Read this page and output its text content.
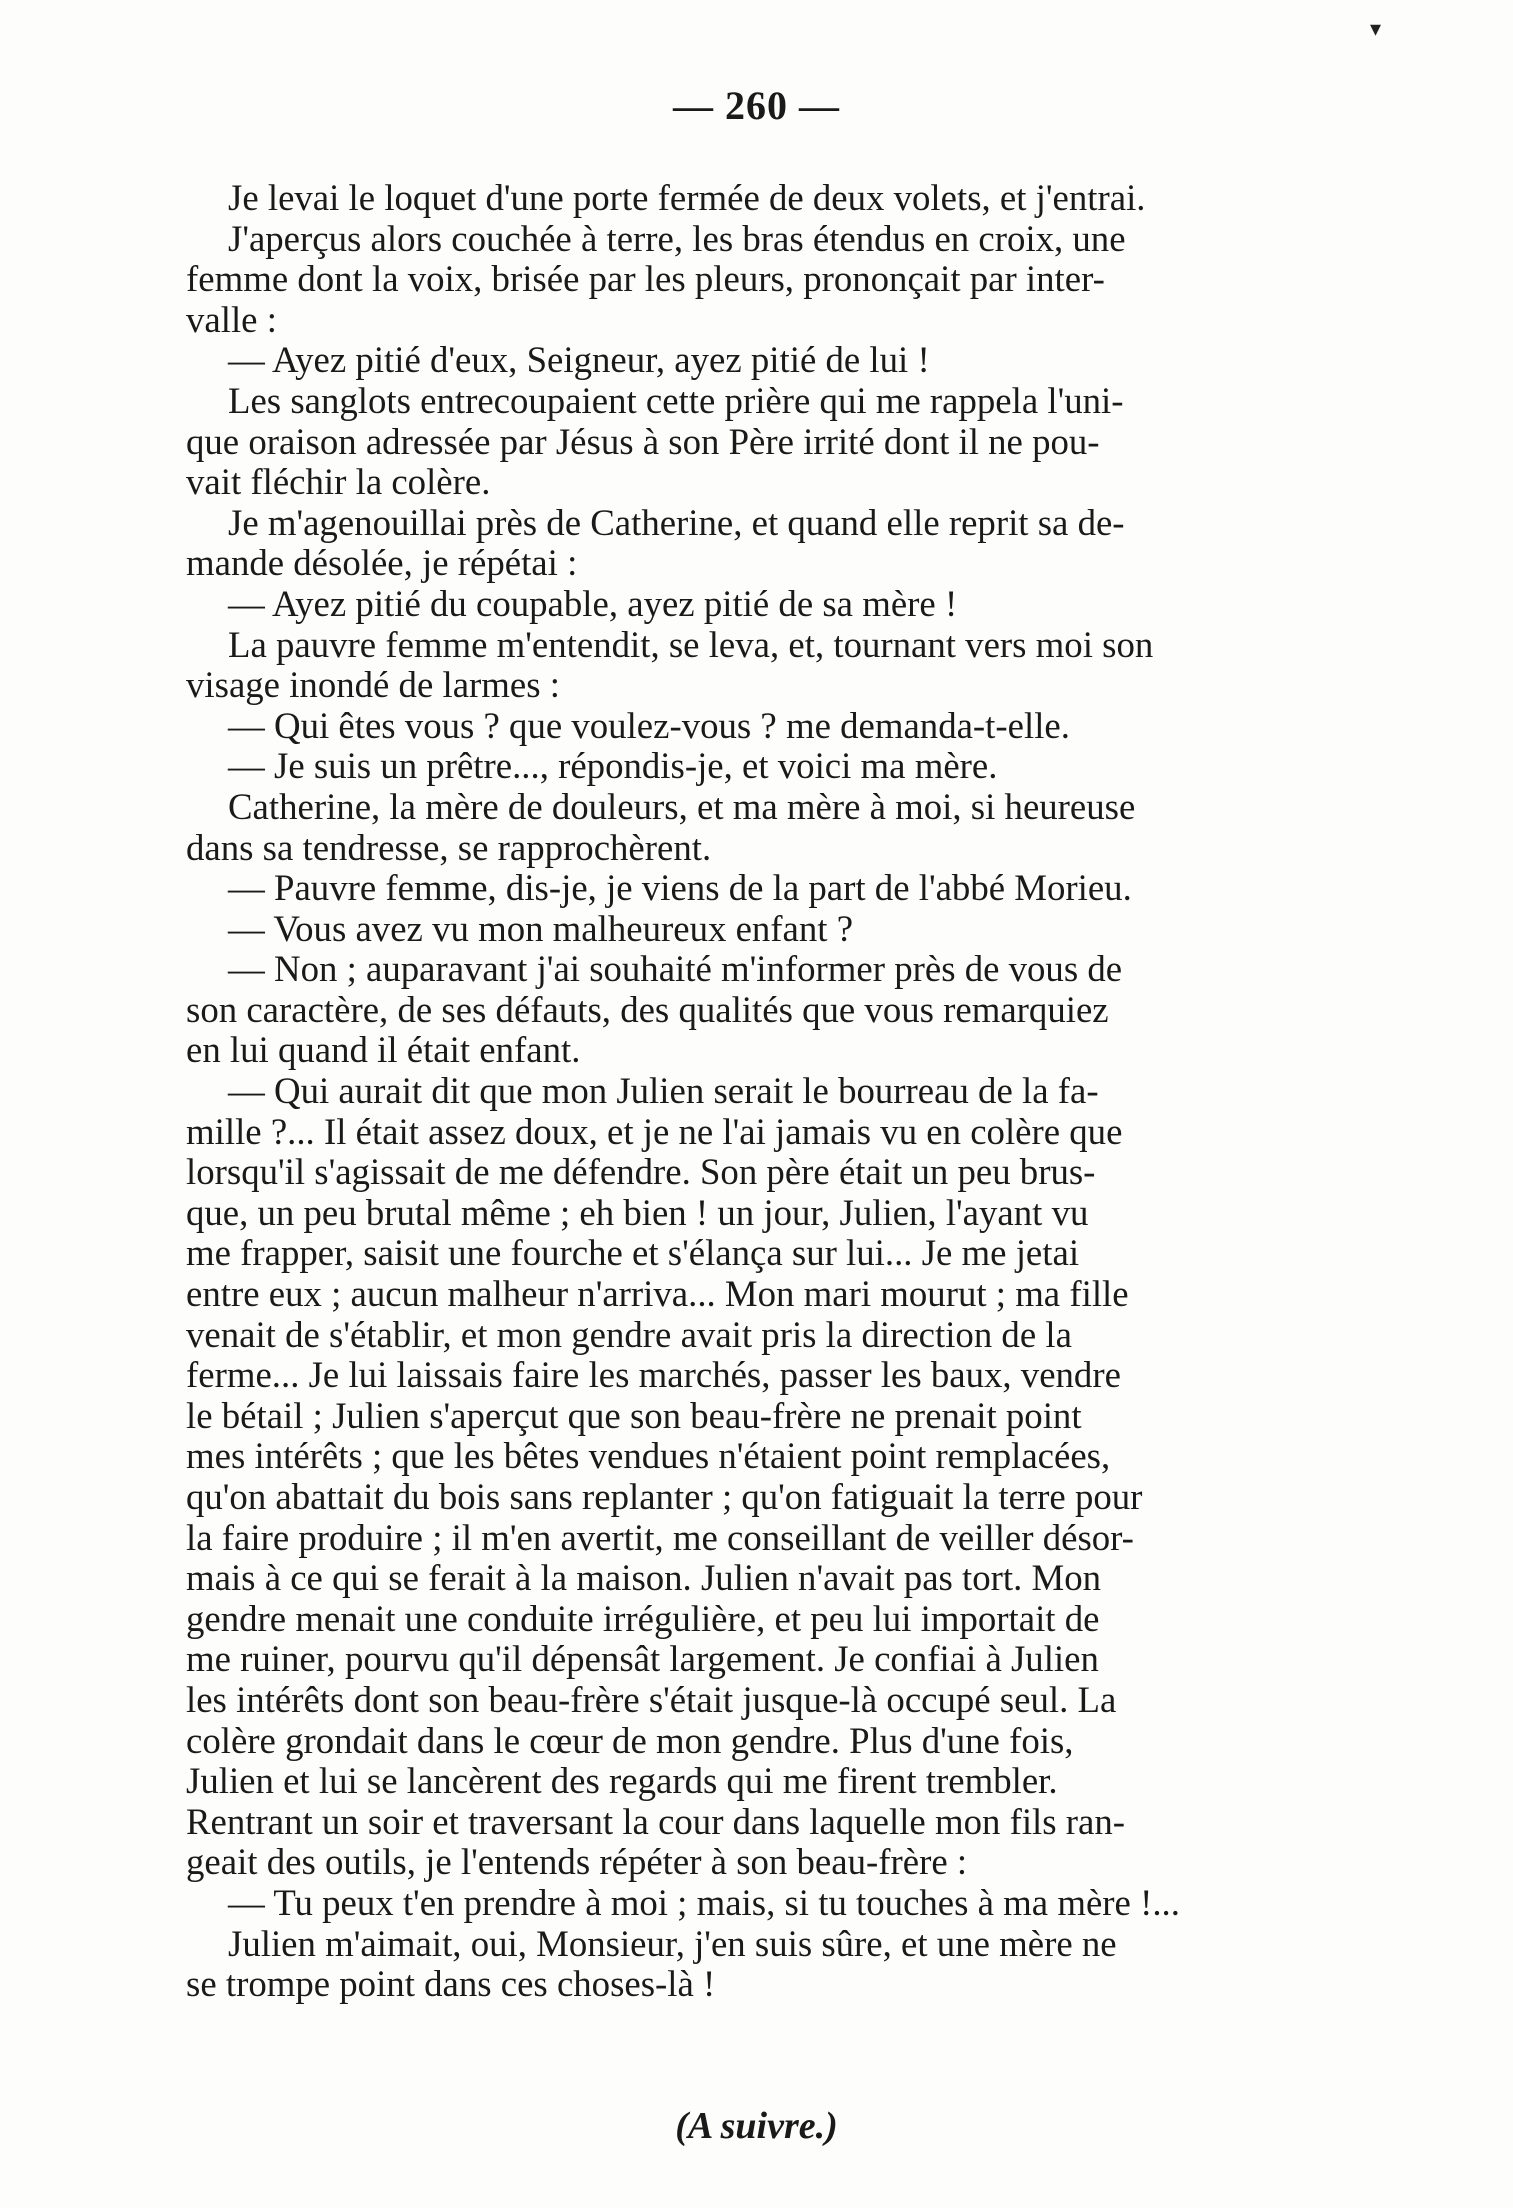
▾
— 260 —
Je levai le loquet d'une porte fermée de deux volets, et j'entrai.
J'aperçus alors couchée à terre, les bras étendus en croix, une
femme dont la voix, brisée par les pleurs, prononçait par inter-
valle :
— Ayez pitié d'eux, Seigneur, ayez pitié de lui !
Les sanglots entrecoupaient cette prière qui me rappela l'uni-
que oraison adressée par Jésus à son Père irrité dont il ne pou-
vait fléchir la colère.
Je m'agenouillai près de Catherine, et quand elle reprit sa de-
mande désolée, je répétai :
— Ayez pitié du coupable, ayez pitié de sa mère !
La pauvre femme m'entendit, se leva, et, tournant vers moi son
visage inondé de larmes :
— Qui êtes vous ? que voulez-vous ? me demanda-t-elle.
— Je suis un prêtre..., répondis-je, et voici ma mère.
Catherine, la mère de douleurs, et ma mère à moi, si heureuse
dans sa tendresse, se rapprochèrent.
— Pauvre femme, dis-je, je viens de la part de l'abbé Morieu.
— Vous avez vu mon malheureux enfant ?
— Non ; auparavant j'ai souhaité m'informer près de vous de
son caractère, de ses défauts, des qualités que vous remarquiez
en lui quand il était enfant.
— Qui aurait dit que mon Julien serait le bourreau de la fa-
mille ?... Il était assez doux, et je ne l'ai jamais vu en colère que
lorsqu'il s'agissait de me défendre. Son père était un peu brus-
que, un peu brutal même ; eh bien ! un jour, Julien, l'ayant vu
me frapper, saisit une fourche et s'élança sur lui... Je me jetai
entre eux ; aucun malheur n'arriva... Mon mari mourut ; ma fille
venait de s'établir, et mon gendre avait pris la direction de la
ferme... Je lui laissais faire les marchés, passer les baux, vendre
le bétail ; Julien s'aperçut que son beau-frère ne prenait point
mes intérêts ; que les bêtes vendues n'étaient point remplacées,
qu'on abattait du bois sans replanter ; qu'on fatiguait la terre pour
la faire produire ; il m'en avertit, me conseillant de veiller désor-
mais à ce qui se ferait à la maison. Julien n'avait pas tort. Mon
gendre menait une conduite irrégulière, et peu lui importait de
me ruiner, pourvu qu'il dépensât largement. Je confiai à Julien
les intérêts dont son beau-frère s'était jusque-là occupé seul. La
colère grondait dans le cœur de mon gendre. Plus d'une fois,
Julien et lui se lancèrent des regards qui me firent trembler.
Rentrant un soir et traversant la cour dans laquelle mon fils ran-
geait des outils, je l'entends répéter à son beau-frère :
— Tu peux t'en prendre à moi ; mais, si tu touches à ma mère !...
Julien m'aimait, oui, Monsieur, j'en suis sûre, et une mère ne
se trompe point dans ces choses-là !
(A suivre.)
